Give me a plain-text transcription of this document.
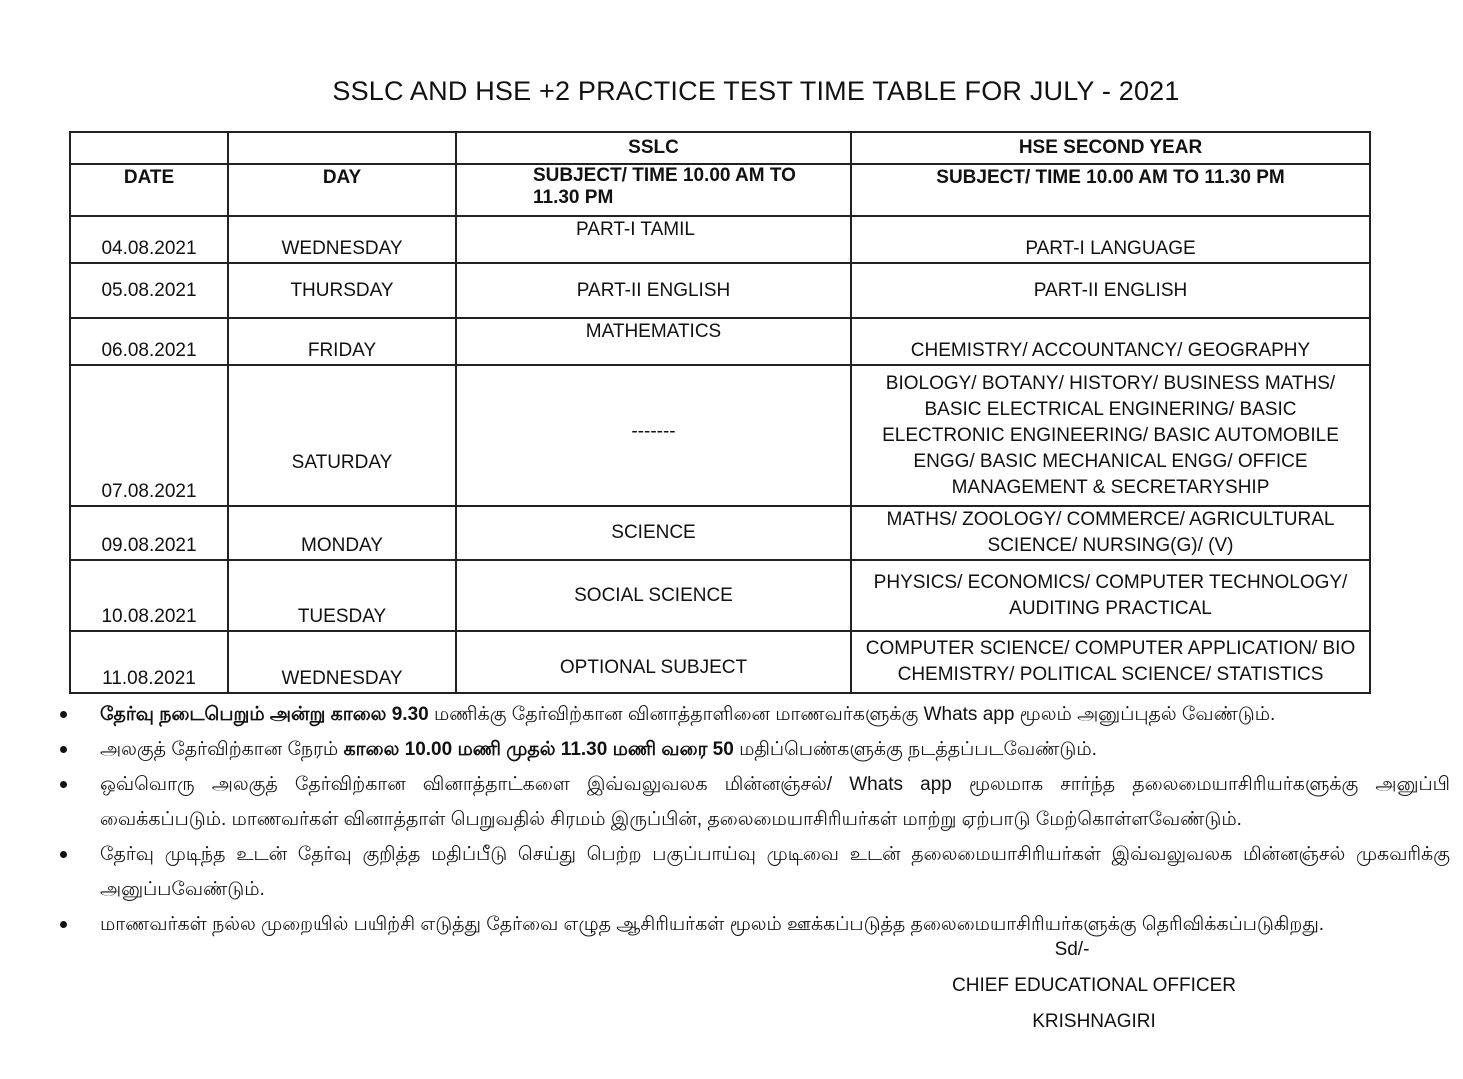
SSLC AND HSE +2 PRACTICE TEST TIME TABLE FOR JULY - 2021
		SSLC	HSE SECOND YEAR
DATE	DAY	SUBJECT/ TIME 10.00 AM TO 11.30 PM	SUBJECT/ TIME 10.00 AM TO 11.30 PM
04.08.2021	WEDNESDAY	PART-I TAMIL	PART-I LANGUAGE
05.08.2021	THURSDAY	PART-II ENGLISH	PART-II ENGLISH
06.08.2021	FRIDAY	MATHEMATICS	CHEMISTRY/ ACCOUNTANCY/ GEOGRAPHY
07.08.2021	SATURDAY	-------	BIOLOGY/ BOTANY/ HISTORY/ BUSINESS MATHS/ BASIC ELECTRICAL ENGINERING/ BASIC ELECTRONIC ENGINEERING/ BASIC AUTOMOBILE ENGG/ BASIC MECHANICAL ENGG/ OFFICE MANAGEMENT & SECRETARYSHIP
09.08.2021	MONDAY	SCIENCE	MATHS/ ZOOLOGY/ COMMERCE/ AGRICULTURAL SCIENCE/ NURSING(G)/ (V)
10.08.2021	TUESDAY	SOCIAL SCIENCE	PHYSICS/ ECONOMICS/ COMPUTER TECHNOLOGY/ AUDITING PRACTICAL
11.08.2021	WEDNESDAY	OPTIONAL SUBJECT	COMPUTER SCIENCE/ COMPUTER APPLICATION/ BIO CHEMISTRY/ POLITICAL SCIENCE/ STATISTICS
தேர்வு நடைபெறும் அன்று காலை 9.30 மணிக்கு தேர்விற்கான வினாத்தாளினை மாணவர்களுக்கு Whats app மூலம் அனுப்புதல் வேண்டும்.
அலகுத் தேர்விற்கான நேரம் காலை 10.00 மணி முதல் 11.30 மணி வரை 50 மதிப்பெண்களுக்கு நடத்தப்படவேண்டும்.
ஒவ்வொரு அலகுத் தேர்விற்கான வினாத்தாட்களை இவ்வலுவலக மின்னஞ்சல்/ Whats app மூலமாக சார்ந்த தலைமையாசிரியர்களுக்கு அனுப்பி வைக்கப்படும். மாணவர்கள் வினாத்தாள் பெறுவதில் சிரமம் இருப்பின், தலைமையாசிரியர்கள் மாற்று ஏற்பாடு மேற்கொள்ளவேண்டும்.
தேர்வு முடிந்த உடன் தேர்வு குறித்த மதிப்பீடு செய்து பெற்ற பகுப்பாய்வு முடிவை உடன் தலைமையாசிரியர்கள் இவ்வலுவலக மின்னஞ்சல் முகவரிக்கு அனுப்பவேண்டும்.
மாணவர்கள் நல்ல முறையில் பயிற்சி எடுத்து தேர்வை எழுத ஆசிரியர்கள் மூலம் ஊக்கப்படுத்த தலைமையாசிரியர்களுக்கு தெரிவிக்கப்படுகிறது.
Sd/-
CHIEF EDUCATIONAL OFFICER
KRISHNAGIRI
